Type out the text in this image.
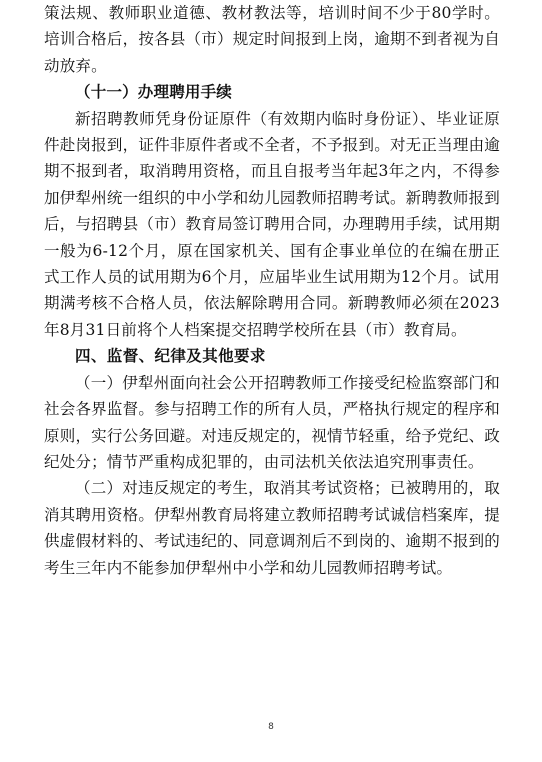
策法规、教师职业道德、教材教法等，培训时间不少于80学时。培训合格后，按各县（市）规定时间报到上岗，逾期不到者视为自动放弃。

（十一）办理聘用手续

新招聘教师凭身份证原件（有效期内临时身份证）、毕业证原件赴岗报到，证件非原件者或不全者，不予报到。对无正当理由逾期不报到者，取消聘用资格，而且自报考当年起3年之内，不得参加伊犁州统一组织的中小学和幼儿园教师招聘考试。新聘教师报到后，与招聘县（市）教育局签订聘用合同，办理聘用手续，试用期一般为6-12个月，原在国家机关、国有企事业单位的在编在册正式工作人员的试用期为6个月，应届毕业生试用期为12个月。试用期满考核不合格人员，依法解除聘用合同。新聘教师必须在2023年8月31日前将个人档案提交招聘学校所在县（市）教育局。

四、监督、纪律及其他要求

（一）伊犁州面向社会公开招聘教师工作接受纪检监察部门和社会各界监督。参与招聘工作的所有人员，严格执行规定的程序和原则，实行公务回避。对违反规定的，视情节轻重，给予党纪、政纪处分；情节严重构成犯罪的，由司法机关依法追究刑事责任。

（二）对违反规定的考生，取消其考试资格；已被聘用的，取消其聘用资格。伊犁州教育局将建立教师招聘考试诚信档案库，提供虚假材料的、考试违纪的、同意调剂后不到岗的、逾期不报到的考生三年内不能参加伊犁州中小学和幼儿园教师招聘考试。

8
